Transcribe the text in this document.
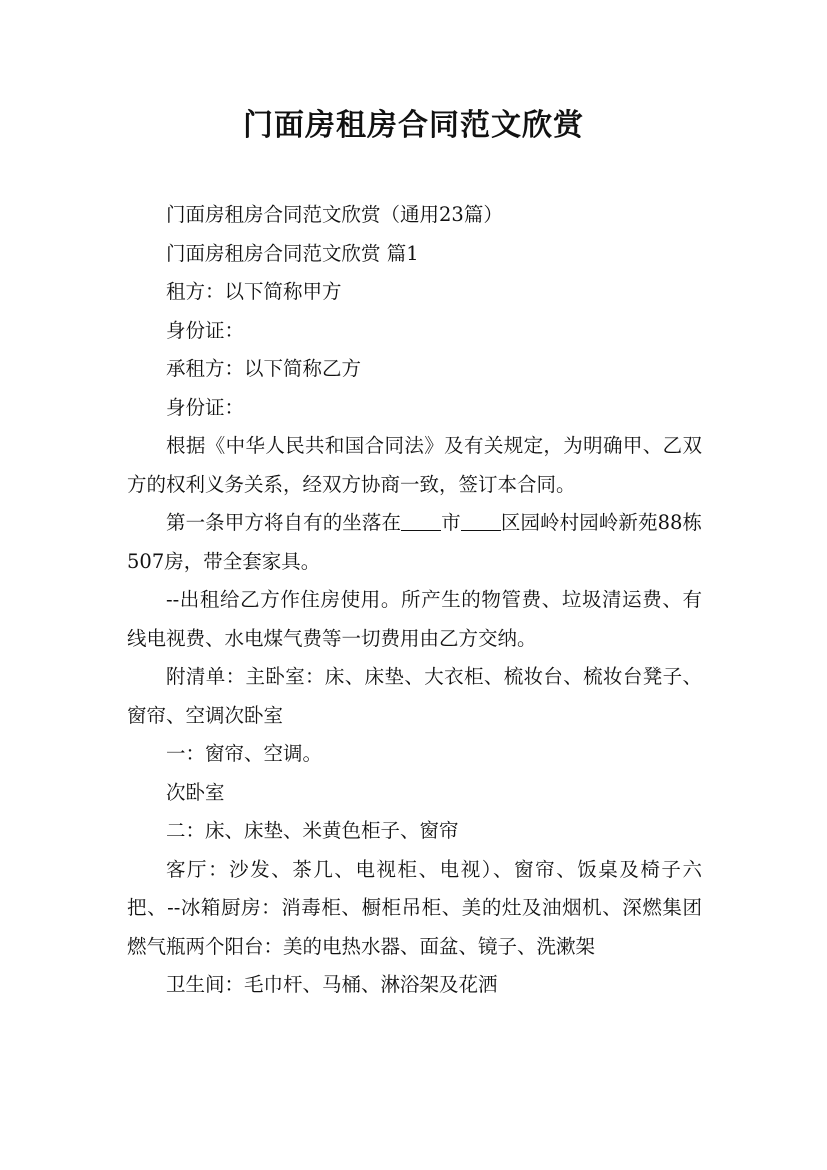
门面房租房合同范文欣赏

门面房租房合同范文欣赏（通用23篇）

门面房租房合同范文欣赏 篇1

租方：以下简称甲方

身份证：

承租方：以下简称乙方

身份证：

根据《中华人民共和国合同法》及有关规定，为明确甲、乙双方的权利义务关系，经双方协商一致，签订本合同。

第一条甲方将自有的坐落在 市 区园岭村园岭新苑88栋507房，带全套家具。

--出租给乙方作住房使用。所产生的物管费、垃圾清运费、有线电视费、水电煤气费等一切费用由乙方交纳。

附清单：主卧室：床、床垫、大衣柜、梳妆台、梳妆台凳子、窗帘、空调次卧室

一：窗帘、空调。

次卧室

二：床、床垫、米黄色柜子、窗帘

客厅：沙发、茶几、电视柜、电视）、窗帘、饭桌及椅子六把、--冰箱厨房：消毒柜、橱柜吊柜、美的灶及油烟机、深燃集团燃气瓶两个阳台：美的电热水器、面盆、镜子、洗漱架

卫生间：毛巾杆、马桶、淋浴架及花洒
